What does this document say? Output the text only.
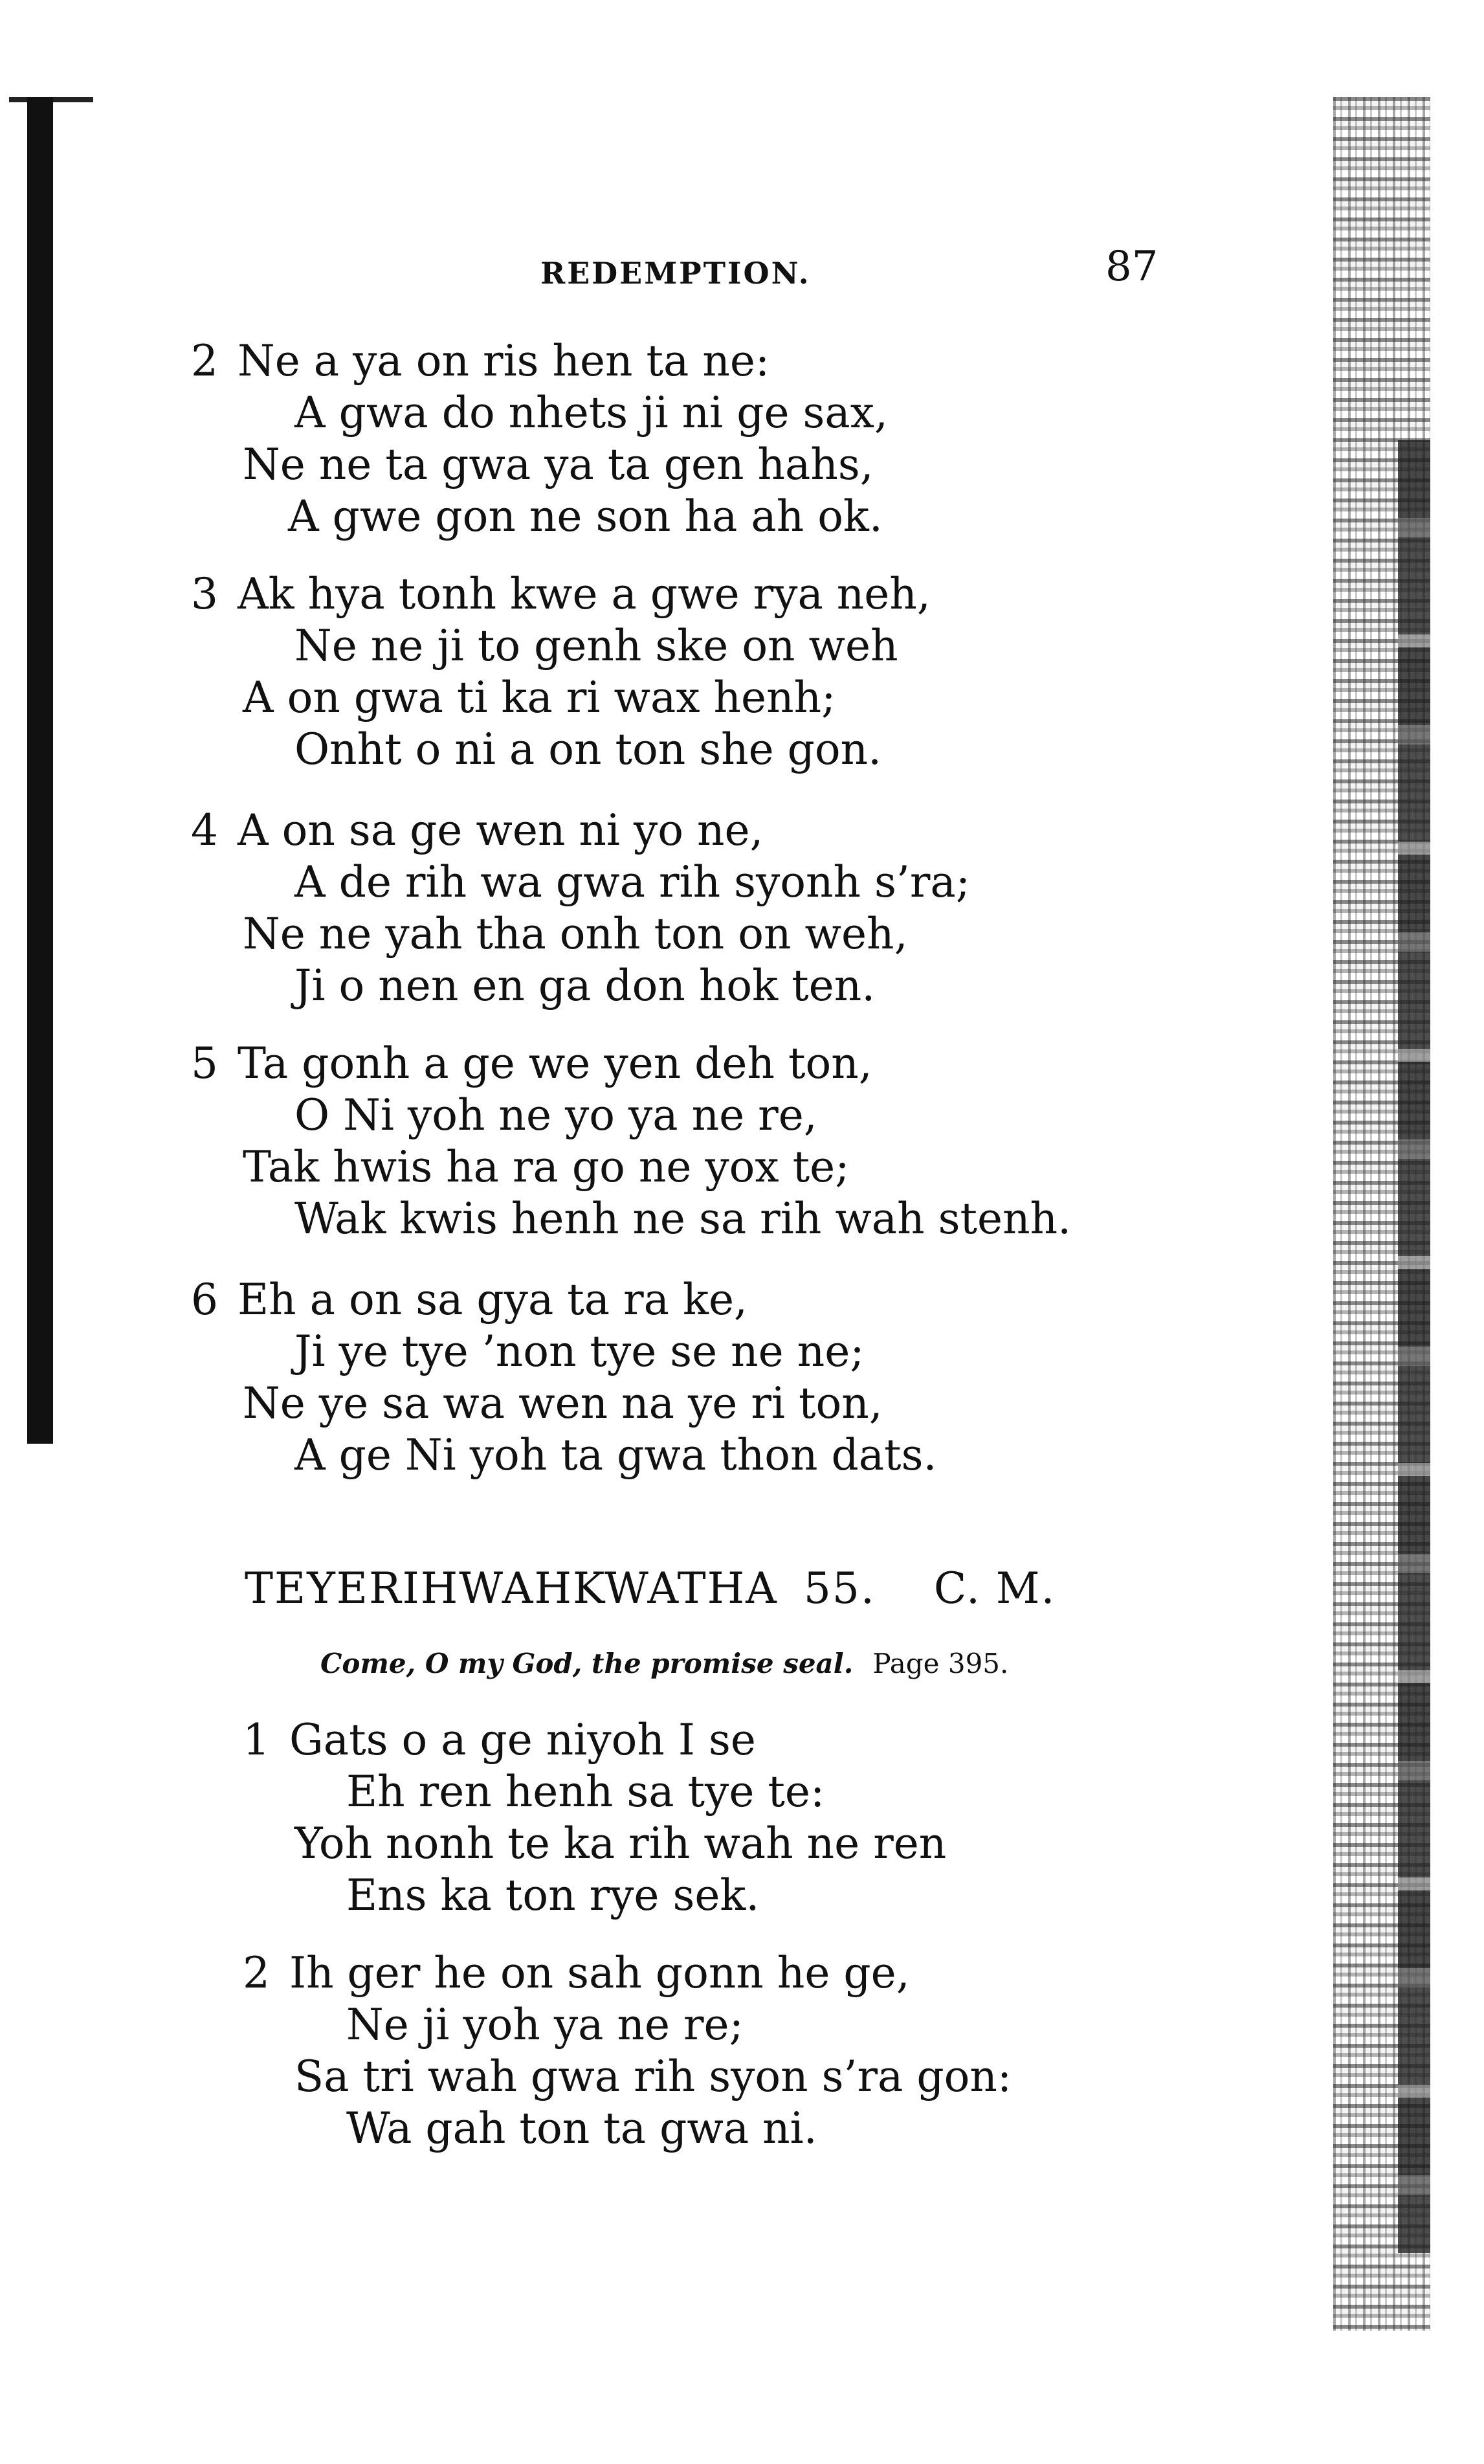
REDEMPTION.	87
2 Ne a ya on ris hen ta ne:
A gwa do nhets ji ni ge sax,
Ne ne ta gwa ya ta gen hahs,
A gwe gon ne son ha ah ok.
3 Ak hya tonh kwe a gwe rya neh,
Ne ne ji to genh ske on weh
A on gwa ti ka ri wax henh;
Onht o ni a on ton she gon.
4 A on sa ge wen ni yo ne,
A de rih wa gwa rih syonh s’ra;
Ne ne yah tha onh ton on weh,
Ji o nen en ga don hok ten.
5 Ta gonh a ge we yen deh ton,
O Ni yoh ne yo ya ne re,
Tak hwis ha ra go ne yox te;
Wak kwis henh ne sa rih wah stenh.
6 Eh a on sa gya ta ra ke,
Ji ye tye ’non tye se ne ne;
Ne ye sa wa wen na ye ri ton,
A ge Ni yoh ta gwa thon dats.
TEYERIHWAHKWATHA 55. C. M.
Come, O my God, the promise seal. Page 395.
1 Gats o a ge niyoh I se
Eh ren henh sa tye te:
Yoh nonh te ka rih wah ne ren
Ens ka ton rye sek.
2 Ih ger he on sah gonn he ge,
Ne ji yoh ya ne re;
Sa tri wah gwa rih syon s’ra gon:
Wa gah ton ta gwa ni.
